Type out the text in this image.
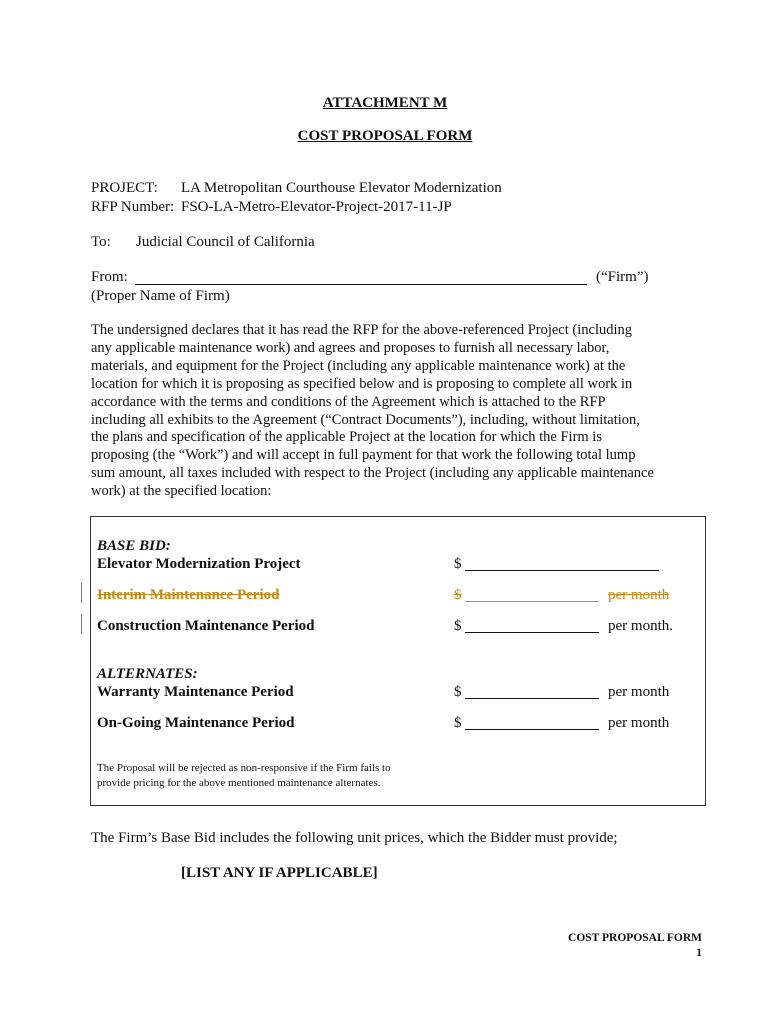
ATTACHMENT M
COST PROPOSAL FORM
PROJECT: LA Metropolitan Courthouse Elevator Modernization
RFP Number: FSO-LA-Metro-Elevator-Project-2017-11-JP
To: Judicial Council of California
From:	(“Firm”)
(Proper Name of Firm)
The undersigned declares that it has read the RFP for the above-referenced Project (including
any applicable maintenance work) and agrees and proposes to furnish all necessary labor,
materials, and equipment for the Project (including any applicable maintenance work) at the
location for which it is proposing as specified below and is proposing to complete all work in
accordance with the terms and conditions of the Agreement which is attached to the RFP
including all exhibits to the Agreement (“Contract Documents”), including, without limitation,
the plans and specification of the applicable Project at the location for which the Firm is
proposing (the “Work”) and will accept in full payment for that work the following total lump
sum amount, all taxes included with respect to the Project (including any applicable maintenance
work) at the specified location:
BASE BID:
Elevator Modernization Project	$
Interim Maintenance Period	$	per month
Construction Maintenance Period	$	per month.
ALTERNATES:
Warranty Maintenance Period	$	per month
On-Going Maintenance Period	$	per month
The Proposal will be rejected as non-responsive if the Firm fails to
provide pricing for the above mentioned maintenance alternates.
The Firm’s Base Bid includes the following unit prices, which the Bidder must provide;
[LIST ANY IF APPLICABLE]
COST PROPOSAL FORM
1
